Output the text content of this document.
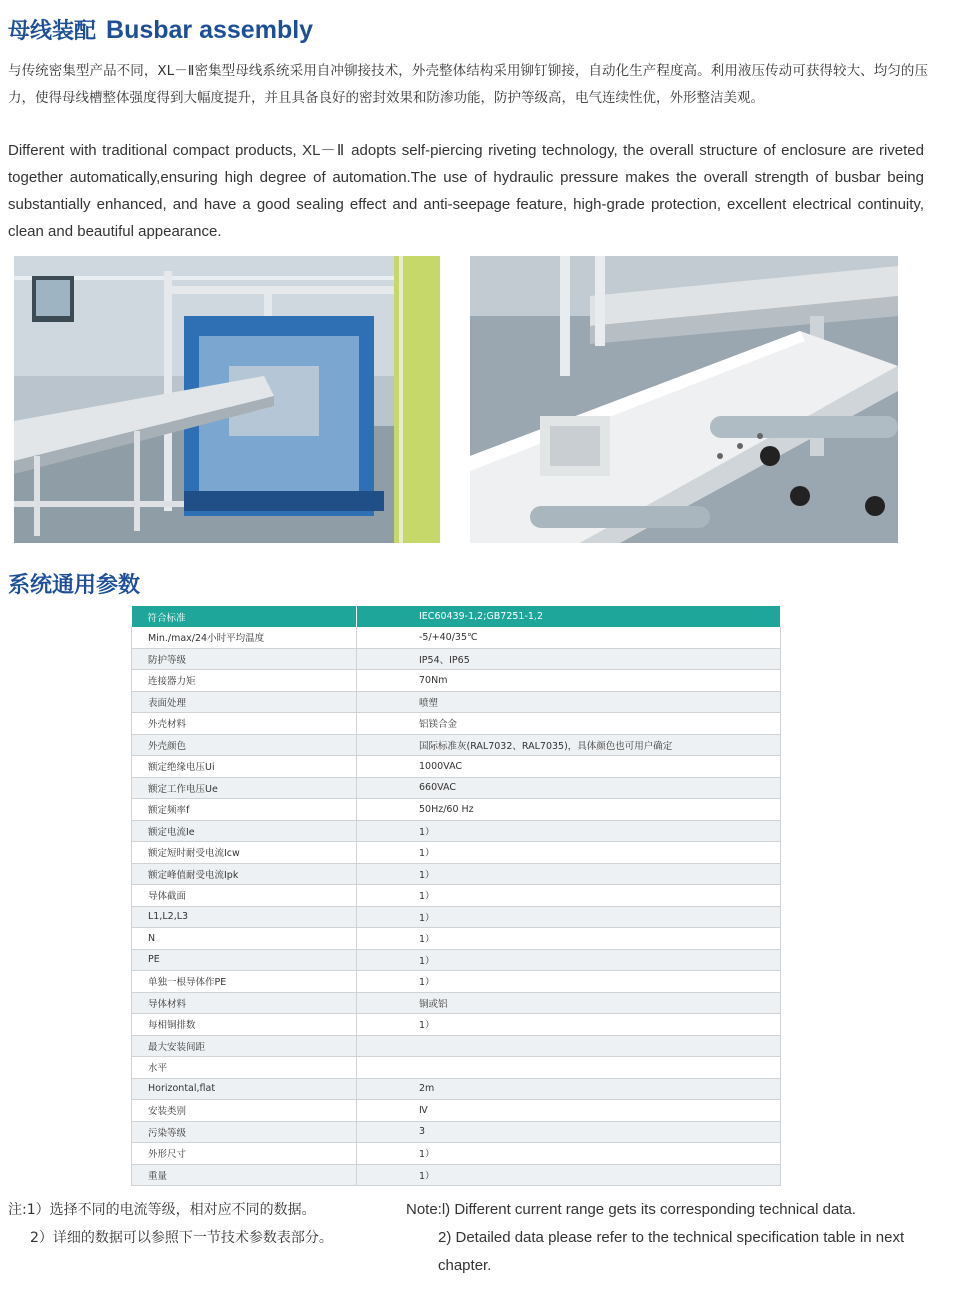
母线装配 Busbar assembly
与传统密集型产品不同，XL－Ⅱ密集型母线系统采用自冲铆接技术，外壳整体结构采用铆钉铆接，自动化生产程度高。利用液压传动可获得较大、均匀的压力，使得母线槽整体强度得到大幅度提升，并且具备良好的密封效果和防渗功能，防护等级高，电气连续性优，外形整洁美观。
Different with traditional compact products, XL－Ⅱ adopts self-piercing riveting technology, the overall structure of enclosure are riveted together automatically,ensuring high degree of automation.The use of hydraulic pressure makes the overall strength of busbar being substantially enhanced, and have a good sealing effect and anti-seepage feature, high-grade protection, excellent electrical continuity, clean and beautiful appearance.
系统通用参数
符合标准	IEC60439-1,2;GB7251-1,2
Min./max/24小时平均温度	-5/+40/35℃
防护等级	IP54、IP65
连接器力矩	70Nm
表面处理	喷塑
外壳材料	铝镁合金
外壳颜色	国际标准灰(RAL7032、RAL7035)，具体颜色也可用户确定
额定绝缘电压Ui	1000VAC
额定工作电压Ue	660VAC
额定频率f	50Hz/60 Hz
额定电流Ie	1）
额定短时耐受电流Icw	1）
额定峰值耐受电流Ipk	1）
导体截面	1）
L1,L2,L3	1）
N	1）
PE	1）
单独一根导体作PE	1）
导体材料	铜或铝
每相铜排数	1）
最大安装间距	
水平	
Horizontal,flat	2m
安装类别	Ⅳ
污染等级	3
外形尺寸	1）
重量	1）
注:1）选择不同的电流等级，相对应不同的数据。
2）详细的数据可以参照下一节技术参数表部分。
Note:l) Different current range gets its corresponding technical data.
2) Detailed data please refer to the technical specification table in next chapter.
